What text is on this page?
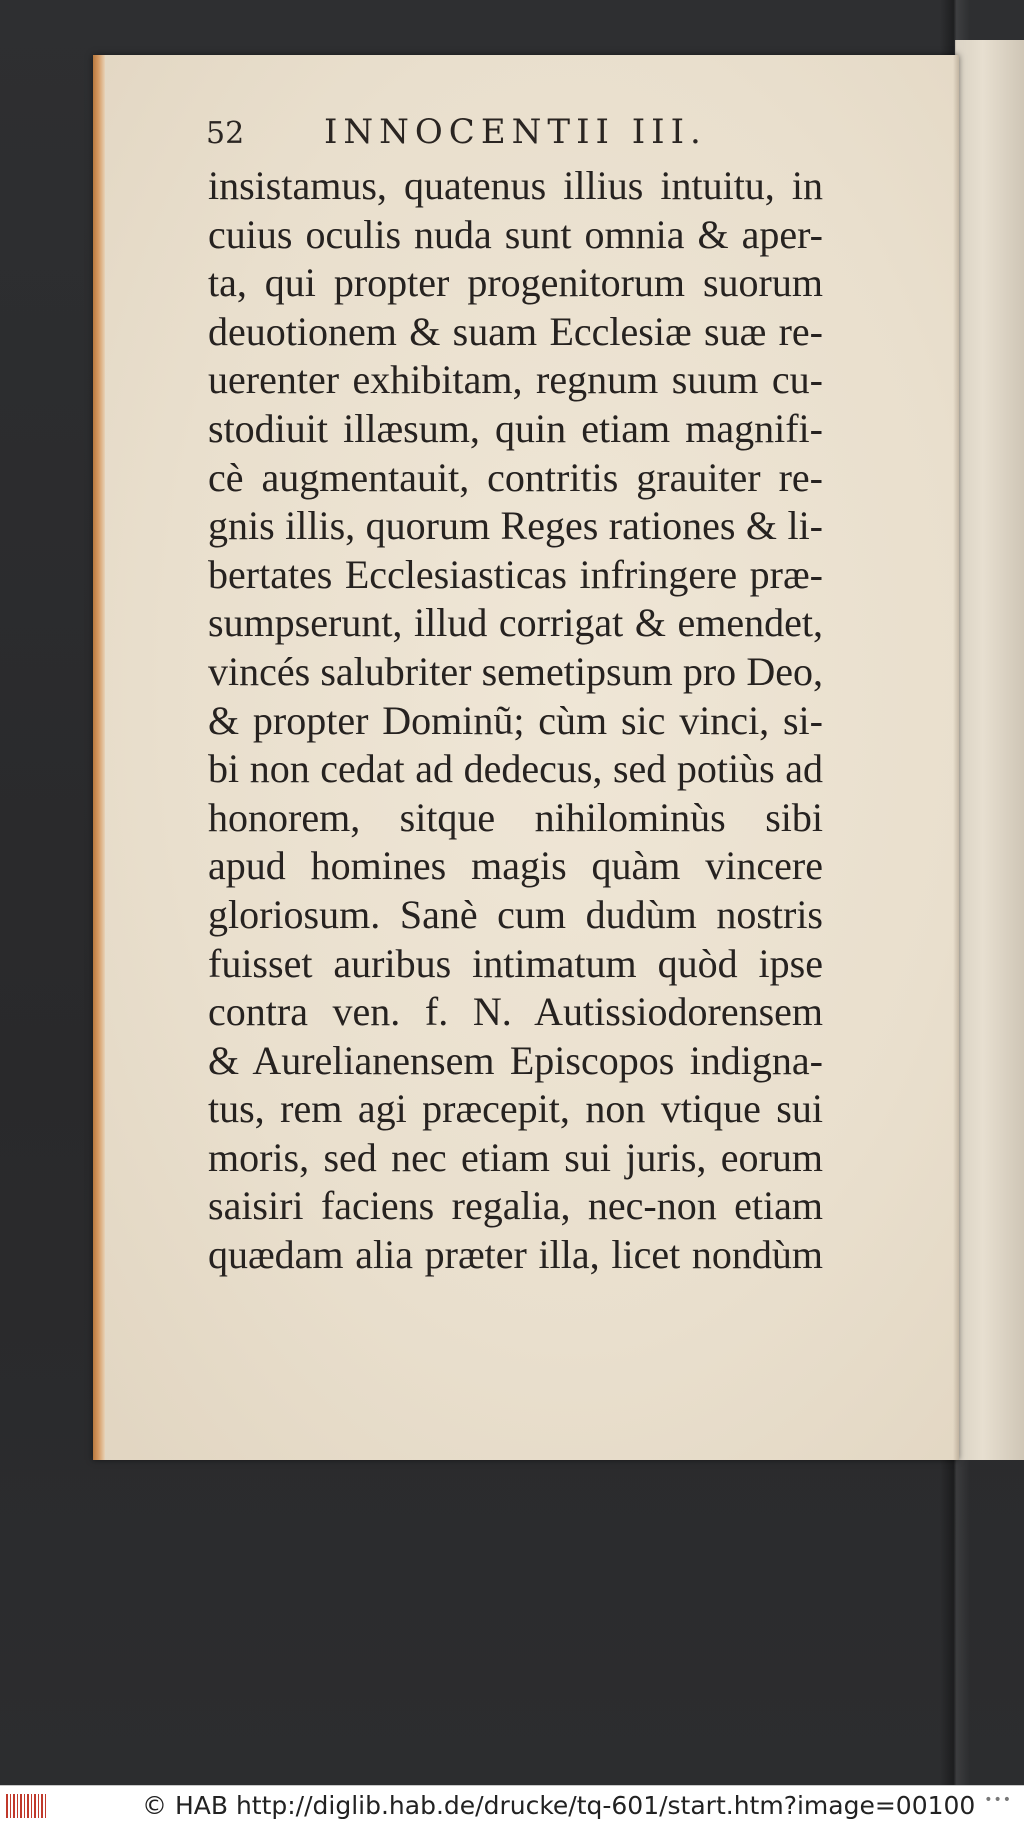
52 INNOCENTII III.
insistamus, quatenus illius intuitu, in
cuius oculis nuda sunt omnia & aper-
ta, qui propter progenitorum suorum
deuotionem & suam Ecclesiæ suæ re-
uerenter exhibitam, regnum suum cu-
stodiuit illæsum, quin etiam magnifi-
cè augmentauit, contritis grauiter re-
gnis illis, quorum Reges rationes & li-
bertates Ecclesiasticas infringere præ-
sumpserunt, illud corrigat & emendet,
vincés salubriter semetipsum pro Deo,
& propter Dominũ; cùm sic vinci, si-
bi non cedat ad dedecus, sed potiùs ad
honorem, sitque nihilominùs sibi
apud homines magis quàm vincere
gloriosum. Sanè cum dudùm nostris
fuisset auribus intimatum quòd ipse
contra ven. f. N. Autissiodorensem
& Aurelianensem Episcopos indigna-
tus, rem agi præcepit, non vtique sui
moris, sed nec etiam sui juris, eorum
saisiri faciens regalia, nec-non etiam
quædam alia præter illa, licet nondùm
© HAB http://diglib.hab.de/drucke/tq-601/start.htm?image=00100 •••
